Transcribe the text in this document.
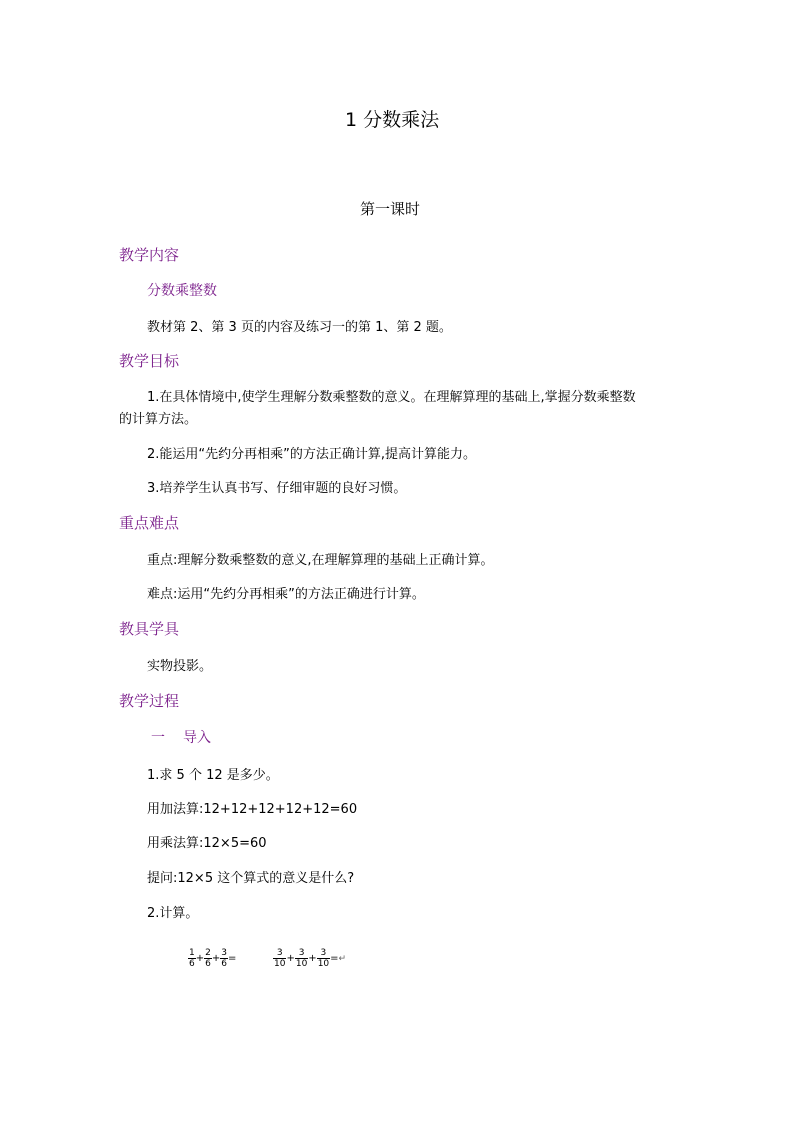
1 分数乘法
第一课时
教学内容
分数乘整数
教材第 2、第 3 页的内容及练习一的第 1、第 2 题。
教学目标
1.在具体情境中,使学生理解分数乘整数的意义。在理解算理的基础上,掌握分数乘整数
的计算方法。
2.能运用“先约分再相乘”的方法正确计算,提高计算能力。
3.培养学生认真书写、仔细审题的良好习惯。
重点难点
重点:理解分数乘整数的意义,在理解算理的基础上正确计算。
难点:运用“先约分再相乘”的方法正确进行计算。
教具学具
实物投影。
教学过程
一 导入
1.求 5 个 12 是多少。
用加法算:12+12+12+12+12=60
用乘法算:12×5=60
提问:12×5 这个算式的意义是什么?
2.计算。
$\frac{1}{6} + \frac{2}{6} + \frac{3}{6}$ =	$\frac{3}{10} + \frac{3}{10} + \frac{3}{10}$ = ↵
